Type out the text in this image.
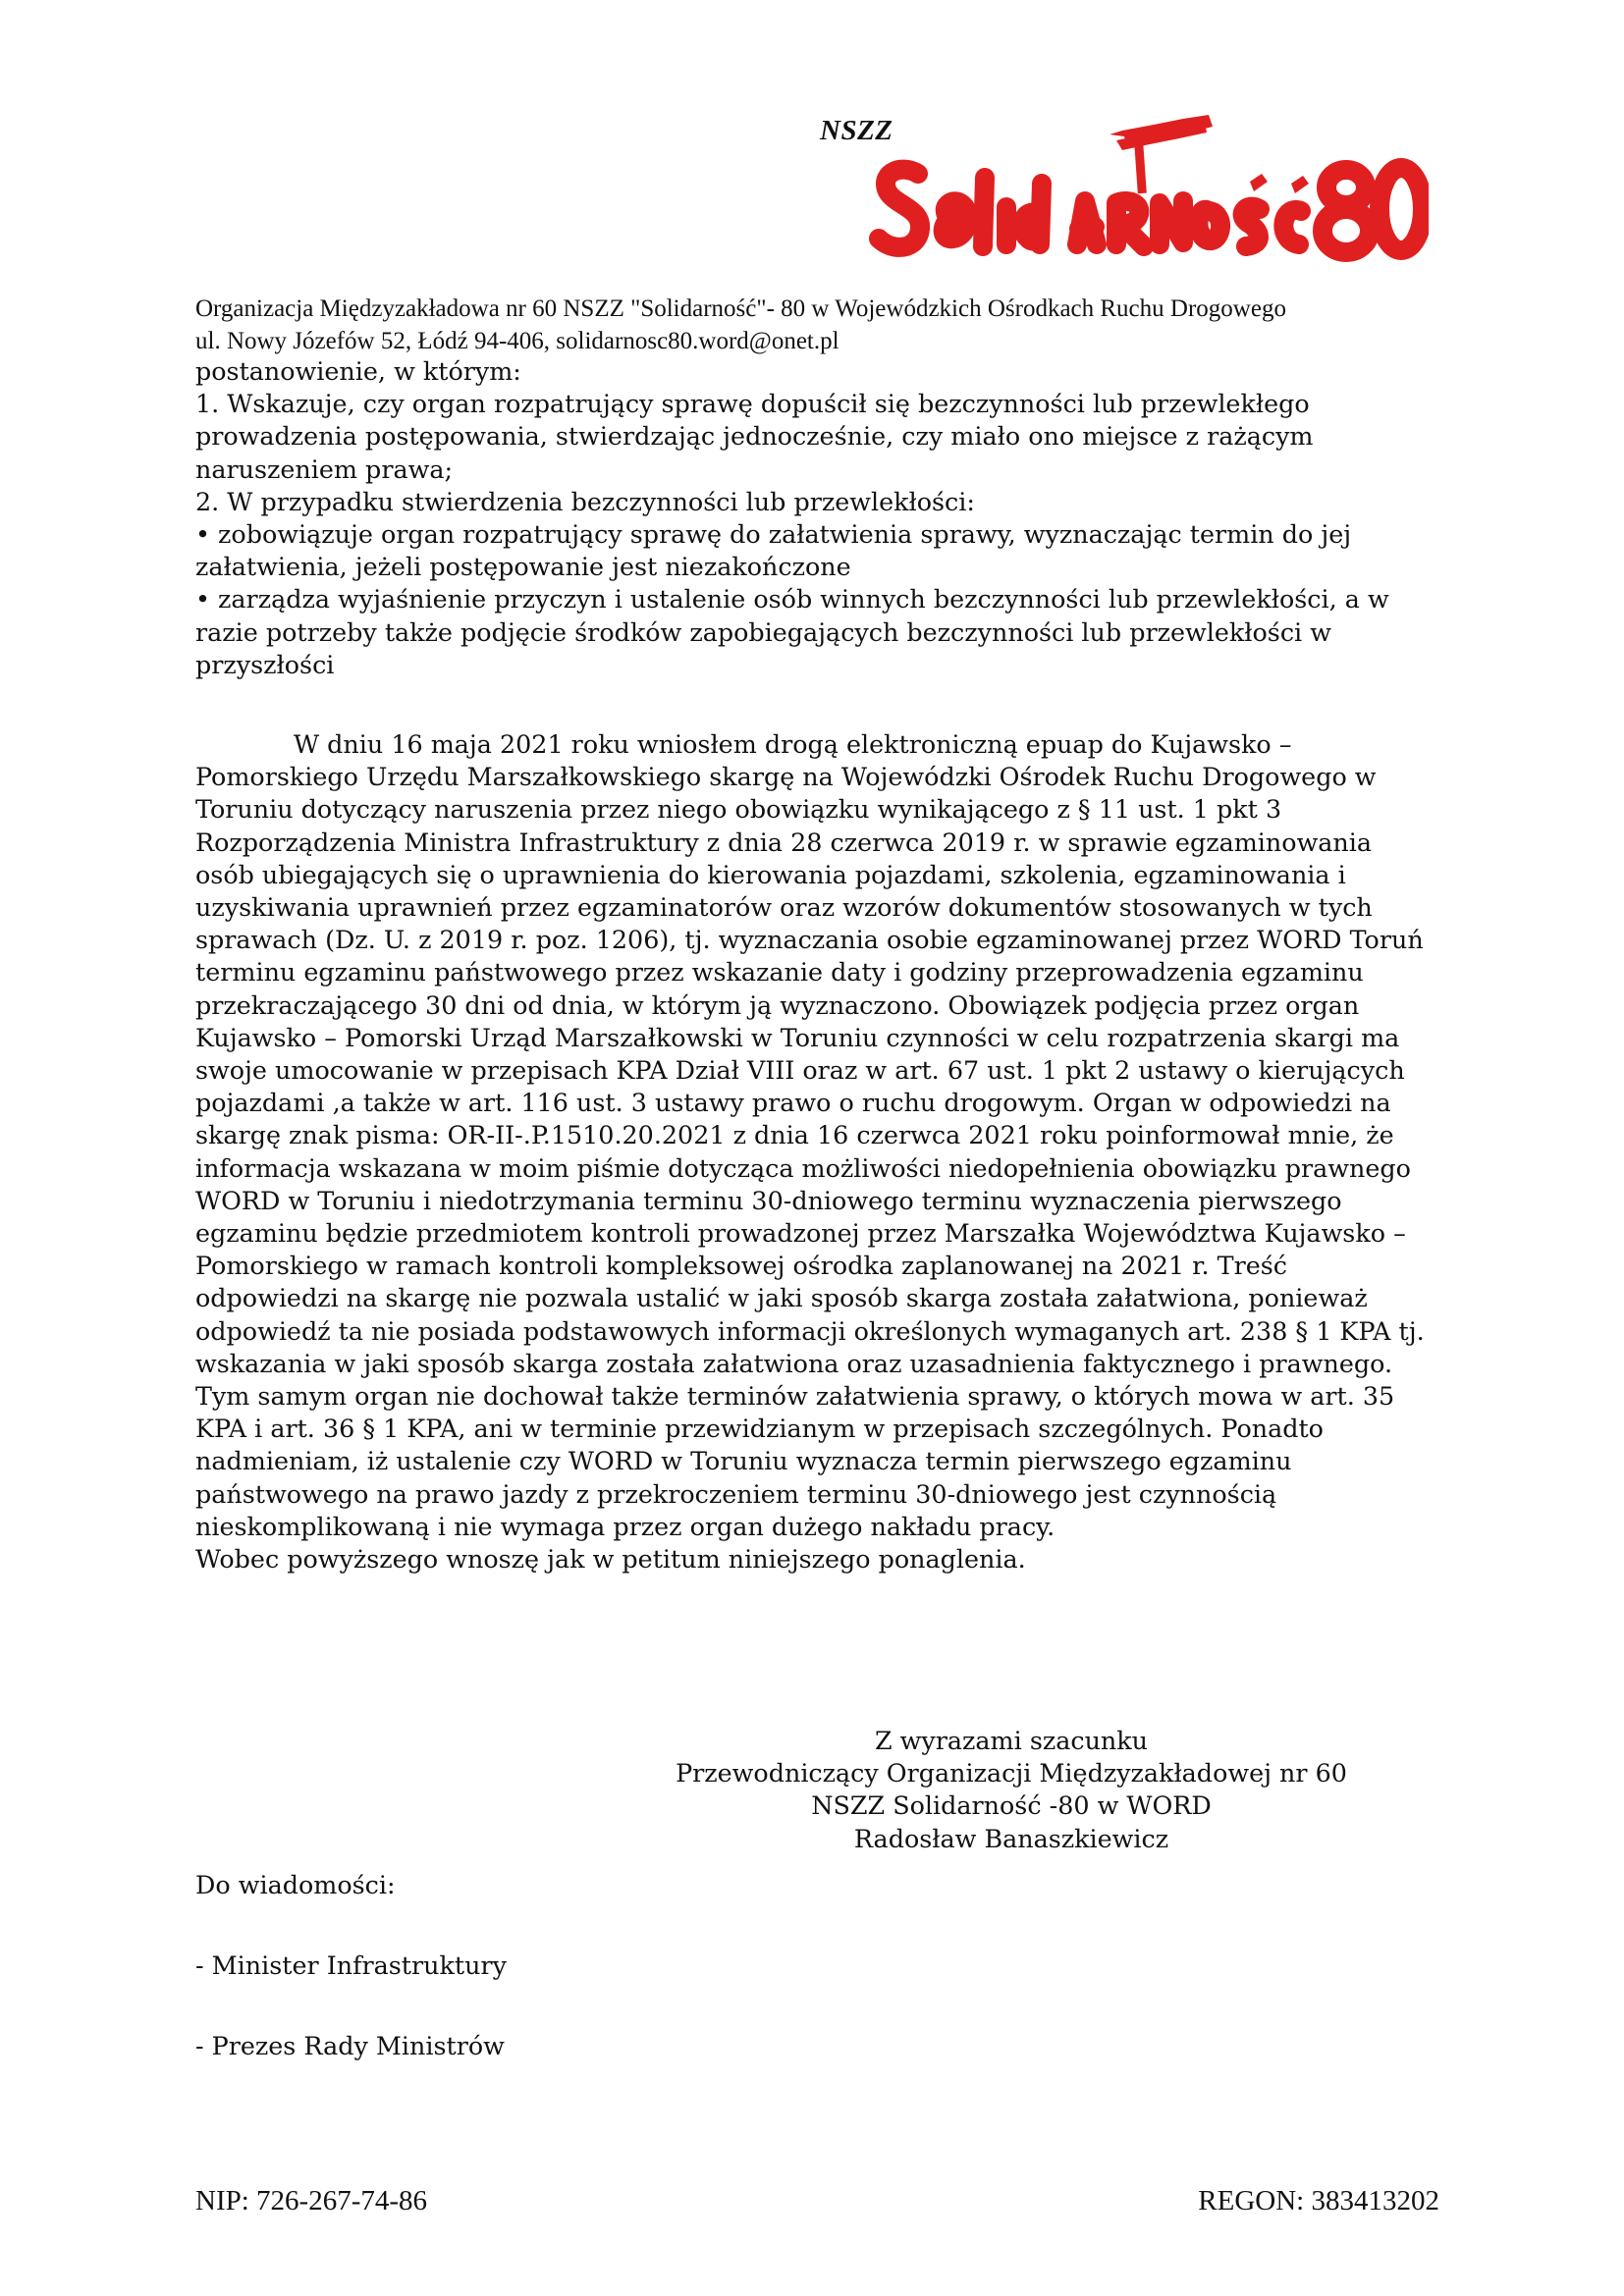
NSZZ
Organizacja Międzyzakładowa nr 60 NSZZ "Solidarność"- 80 w Wojewódzkich Ośrodkach Ruchu Drogowego
ul. Nowy Józefów 52, Łódź 94-406, solidarnosc80.word@onet.pl

postanowienie, w którym:

1. Wskazuje, czy organ rozpatrujący sprawę dopuścił się bezczynności lub przewlekłego prowadzenia postępowania, stwierdzając jednocześnie, czy miało ono miejsce z rażącym naruszeniem prawa;

2. W przypadku stwierdzenia bezczynności lub przewlekłości:

• zobowiązuje organ rozpatrujący sprawę do załatwienia sprawy, wyznaczając termin do jej załatwienia, jeżeli postępowanie jest niezakończone

• zarządza wyjaśnienie przyczyn i ustalenie osób winnych bezczynności lub przewlekłości, a w razie potrzeby także podjęcie środków zapobiegających bezczynności lub przewlekłości w przyszłości

W dniu 16 maja 2021 roku wniosłem drogą elektroniczną epuap do Kujawsko – Pomorskiego Urzędu Marszałkowskiego skargę na Wojewódzki Ośrodek Ruchu Drogowego w Toruniu dotyczący naruszenia przez niego obowiązku wynikającego z § 11 ust. 1 pkt 3 Rozporządzenia Ministra Infrastruktury z dnia 28 czerwca 2019 r. w sprawie egzaminowania osób ubiegających się o uprawnienia do kierowania pojazdami, szkolenia, egzaminowania i uzyskiwania uprawnień przez egzaminatorów oraz wzorów dokumentów stosowanych w tych sprawach (Dz. U. z 2019 r. poz. 1206), tj. wyznaczania osobie egzaminowanej przez WORD Toruń terminu egzaminu państwowego przez wskazanie daty i godziny przeprowadzenia egzaminu przekraczającego 30 dni od dnia, w którym ją wyznaczono. Obowiązek podjęcia przez organ Kujawsko – Pomorski Urząd Marszałkowski w Toruniu czynności w celu rozpatrzenia skargi ma swoje umocowanie w przepisach KPA Dział VIII oraz w art. 67 ust. 1 pkt 2 ustawy o kierujących pojazdami ,a także w art. 116 ust. 3 ustawy prawo o ruchu drogowym. Organ w odpowiedzi na skargę znak pisma: OR-II-.P.1510.20.2021 z dnia 16 czerwca 2021 roku poinformował mnie, że informacja wskazana w moim piśmie dotycząca możliwości niedopełnienia obowiązku prawnego WORD w Toruniu i niedotrzymania terminu 30-dniowego terminu wyznaczenia pierwszego egzaminu będzie przedmiotem kontroli prowadzonej przez Marszałka Województwa Kujawsko – Pomorskiego w ramach kontroli kompleksowej ośrodka zaplanowanej na 2021 r. Treść odpowiedzi na skargę nie pozwala ustalić w jaki sposób skarga została załatwiona, ponieważ odpowiedź ta nie posiada podstawowych informacji określonych wymaganych art. 238 § 1 KPA tj. wskazania w jaki sposób skarga została załatwiona oraz uzasadnienia faktycznego i prawnego. Tym samym organ nie dochował także terminów załatwienia sprawy, o których mowa w art. 35 KPA i art. 36 § 1 KPA, ani w terminie przewidzianym w przepisach szczególnych. Ponadto nadmieniam, iż ustalenie czy WORD w Toruniu wyznacza termin pierwszego egzaminu państwowego na prawo jazdy z przekroczeniem terminu 30-dniowego jest czynnością nieskomplikowaną i nie wymaga przez organ dużego nakładu pracy.

Wobec powyższego wnoszę jak w petitum niniejszego ponaglenia.

Z wyrazami szacunku
Przewodniczący Organizacji Międzyzakładowej nr 60
NSZZ Solidarność -80 w WORD
Radosław Banaszkiewicz
Do wiadomości:
- Minister Infrastruktury
- Prezes Rady Ministrów
NIP: 726-267-74-86	REGON: 383413202
